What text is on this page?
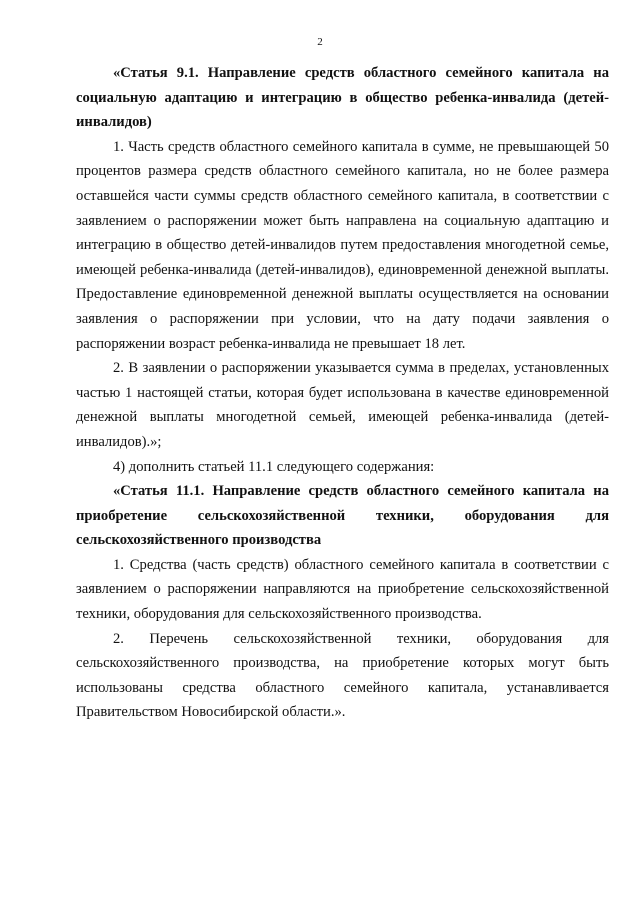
2

«Статья 9.1. Направление средств областного семейного капитала на социальную адаптацию и интеграцию в общество ребенка-инвалида (детей-инвалидов)

1. Часть средств областного семейного капитала в сумме, не превышающей 50 процентов размера средств областного семейного капитала, но не более размера оставшейся части суммы средств областного семейного капитала, в соответствии с заявлением о распоряжении может быть направлена на социальную адаптацию и интеграцию в общество детей-инвалидов путем предоставления многодетной семье, имеющей ребенка-инвалида (детей-инвалидов), единовременной денежной выплаты. Предоставление единовременной денежной выплаты осуществляется на основании заявления о распоряжении при условии, что на дату подачи заявления о распоряжении возраст ребенка-инвалида не превышает 18 лет.

2. В заявлении о распоряжении указывается сумма в пределах, установленных частью 1 настоящей статьи, которая будет использована в качестве единовременной денежной выплаты многодетной семьей, имеющей ребенка-инвалида (детей-инвалидов).»;

4) дополнить статьей 11.1 следующего содержания:

«Статья 11.1. Направление средств областного семейного капитала на приобретение сельскохозяйственной техники, оборудования для сельскохозяйственного производства

1. Средства (часть средств) областного семейного капитала в соответствии с заявлением о распоряжении направляются на приобретение сельскохозяйственной техники, оборудования для сельскохозяйственного производства.

2. Перечень сельскохозяйственной техники, оборудования для сельскохозяйственного производства, на приобретение которых могут быть использованы средства областного семейного капитала, устанавливается Правительством Новосибирской области.».
